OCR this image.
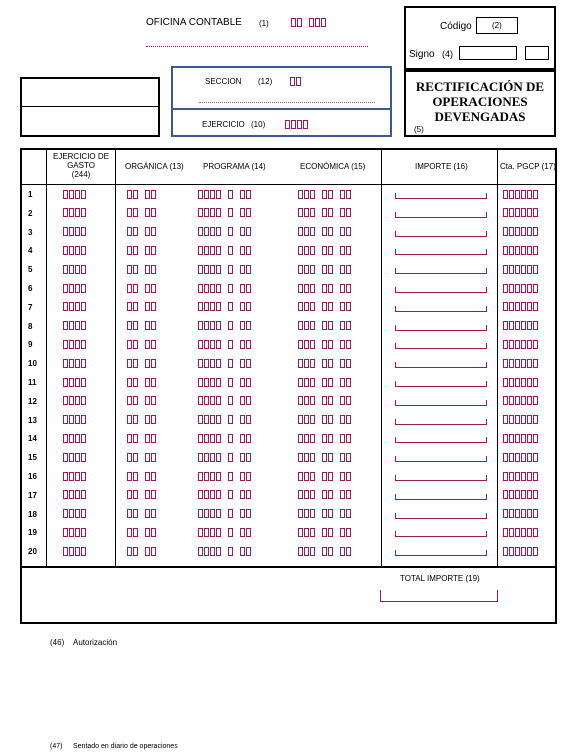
OFICINA CONTABLE (1)	Código	(2)
Signo (4)
SECCION (12)
EJERCICIO (10)
RECTIFICACIÓN DE
OPERACIONES
DEVENGADAS
(5)
EJERCICIO DE
GASTO
(244)
ORGÁNICA (13) PROGRAMA (14)	ECONÓMICA (15)	IMPORTE (16)	Cta. PGCP (17)
1
2
3
4
5
6
7
8
9
10
11
12
13
14
15
16
17
18
19
20
TOTAL IMPORTE (19)
(46) Autorización
(47) Sentado en diario de operaciones
